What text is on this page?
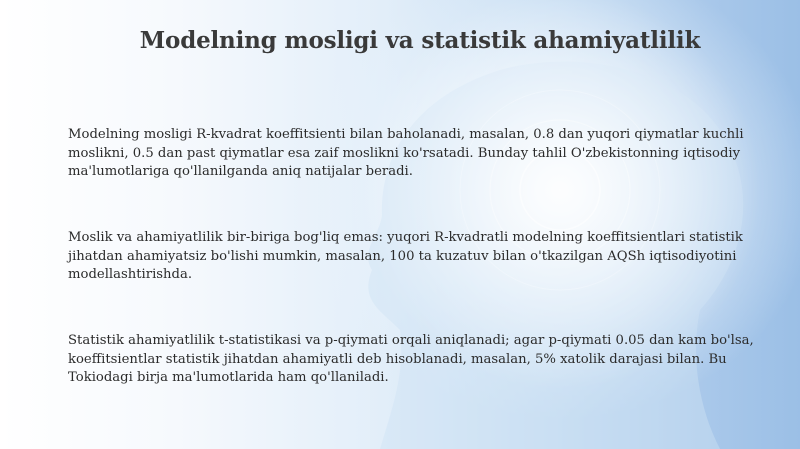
Modelning mosligi va statistik ahamiyatlilik

Modelning mosligi R-kvadrat koeffitsienti bilan baholanadi, masalan, 0.8 dan yuqori qiymatlar kuchli moslikni, 0.5 dan past qiymatlar esa zaif moslikni ko'rsatadi. Bunday tahlil O'zbekistonning iqtisodiy ma'lumotlariga qo'llanilganda aniq natijalar beradi.

Moslik va ahamiyatlilik bir-biriga bog'liq emas: yuqori R-kvadratli modelning koeffitsientlari statistik jihatdan ahamiyatsiz bo'lishi mumkin, masalan, 100 ta kuzatuv bilan o'tkazilgan AQSh iqtisodiyotini modellashtirishda.

Statistik ahamiyatlilik t-statistikasi va p-qiymati orqali aniqlanadi; agar p-qiymati 0.05 dan kam bo'lsa, koeffitsientlar statistik jihatdan ahamiyatli deb hisoblanadi, masalan, 5% xatolik darajasi bilan. Bu Tokiodagi birja ma'lumotlarida ham qo'llaniladi.
